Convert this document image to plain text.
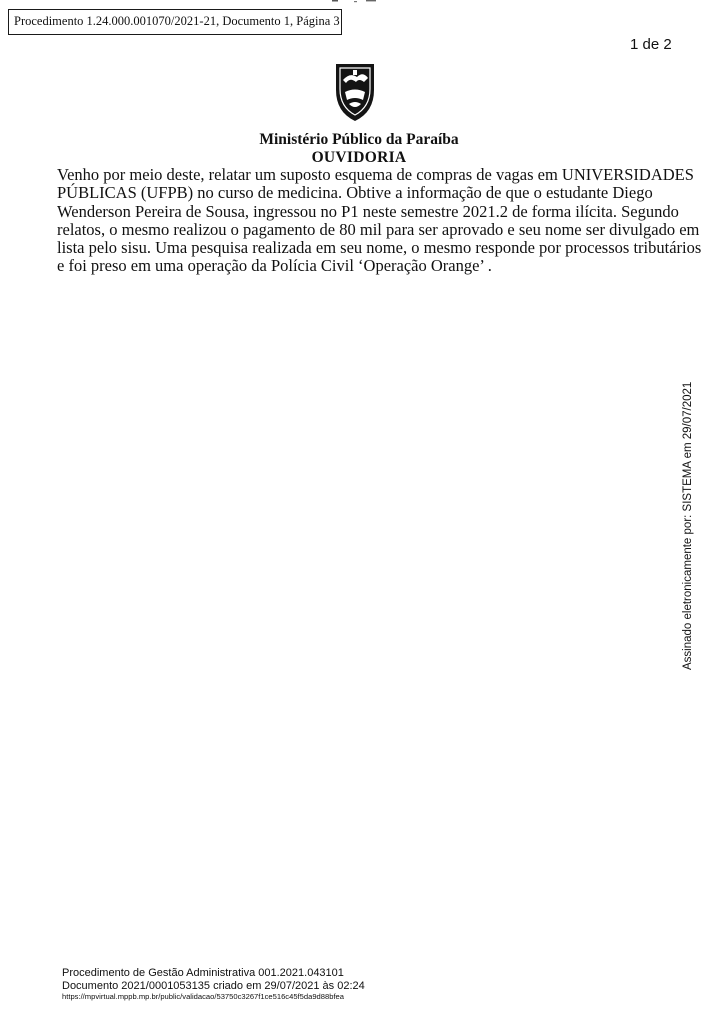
Procedimento 1.24.000.001070/2021-21, Documento 1, Página 3
1 de 2
Ministério Público da Paraíba
OUVIDORIA
Venho por meio deste, relatar um suposto esquema de compras de vagas em UNIVERSIDADES
PÚBLICAS (UFPB) no curso de medicina. Obtive a informação de que o estudante Diego
Wenderson Pereira de Sousa, ingressou no P1 neste semestre 2021.2 de forma ilícita. Segundo
relatos, o mesmo realizou o pagamento de 80 mil para ser aprovado e seu nome ser divulgado em
lista pelo sisu. Uma pesquisa realizada em seu nome, o mesmo responde por processos tributários
e foi preso em uma operação da Polícia Civil ‘Operação Orange’ .
Assinado eletronicamente por: SISTEMA em 29/07/2021
Procedimento de Gestão Administrativa 001.2021.043101
Documento 2021/0001053135 criado em 29/07/2021 às 02:24
https://mpvirtual.mppb.mp.br/public/validacao/53750c3267f1ce516c45f5da9d88bfea
